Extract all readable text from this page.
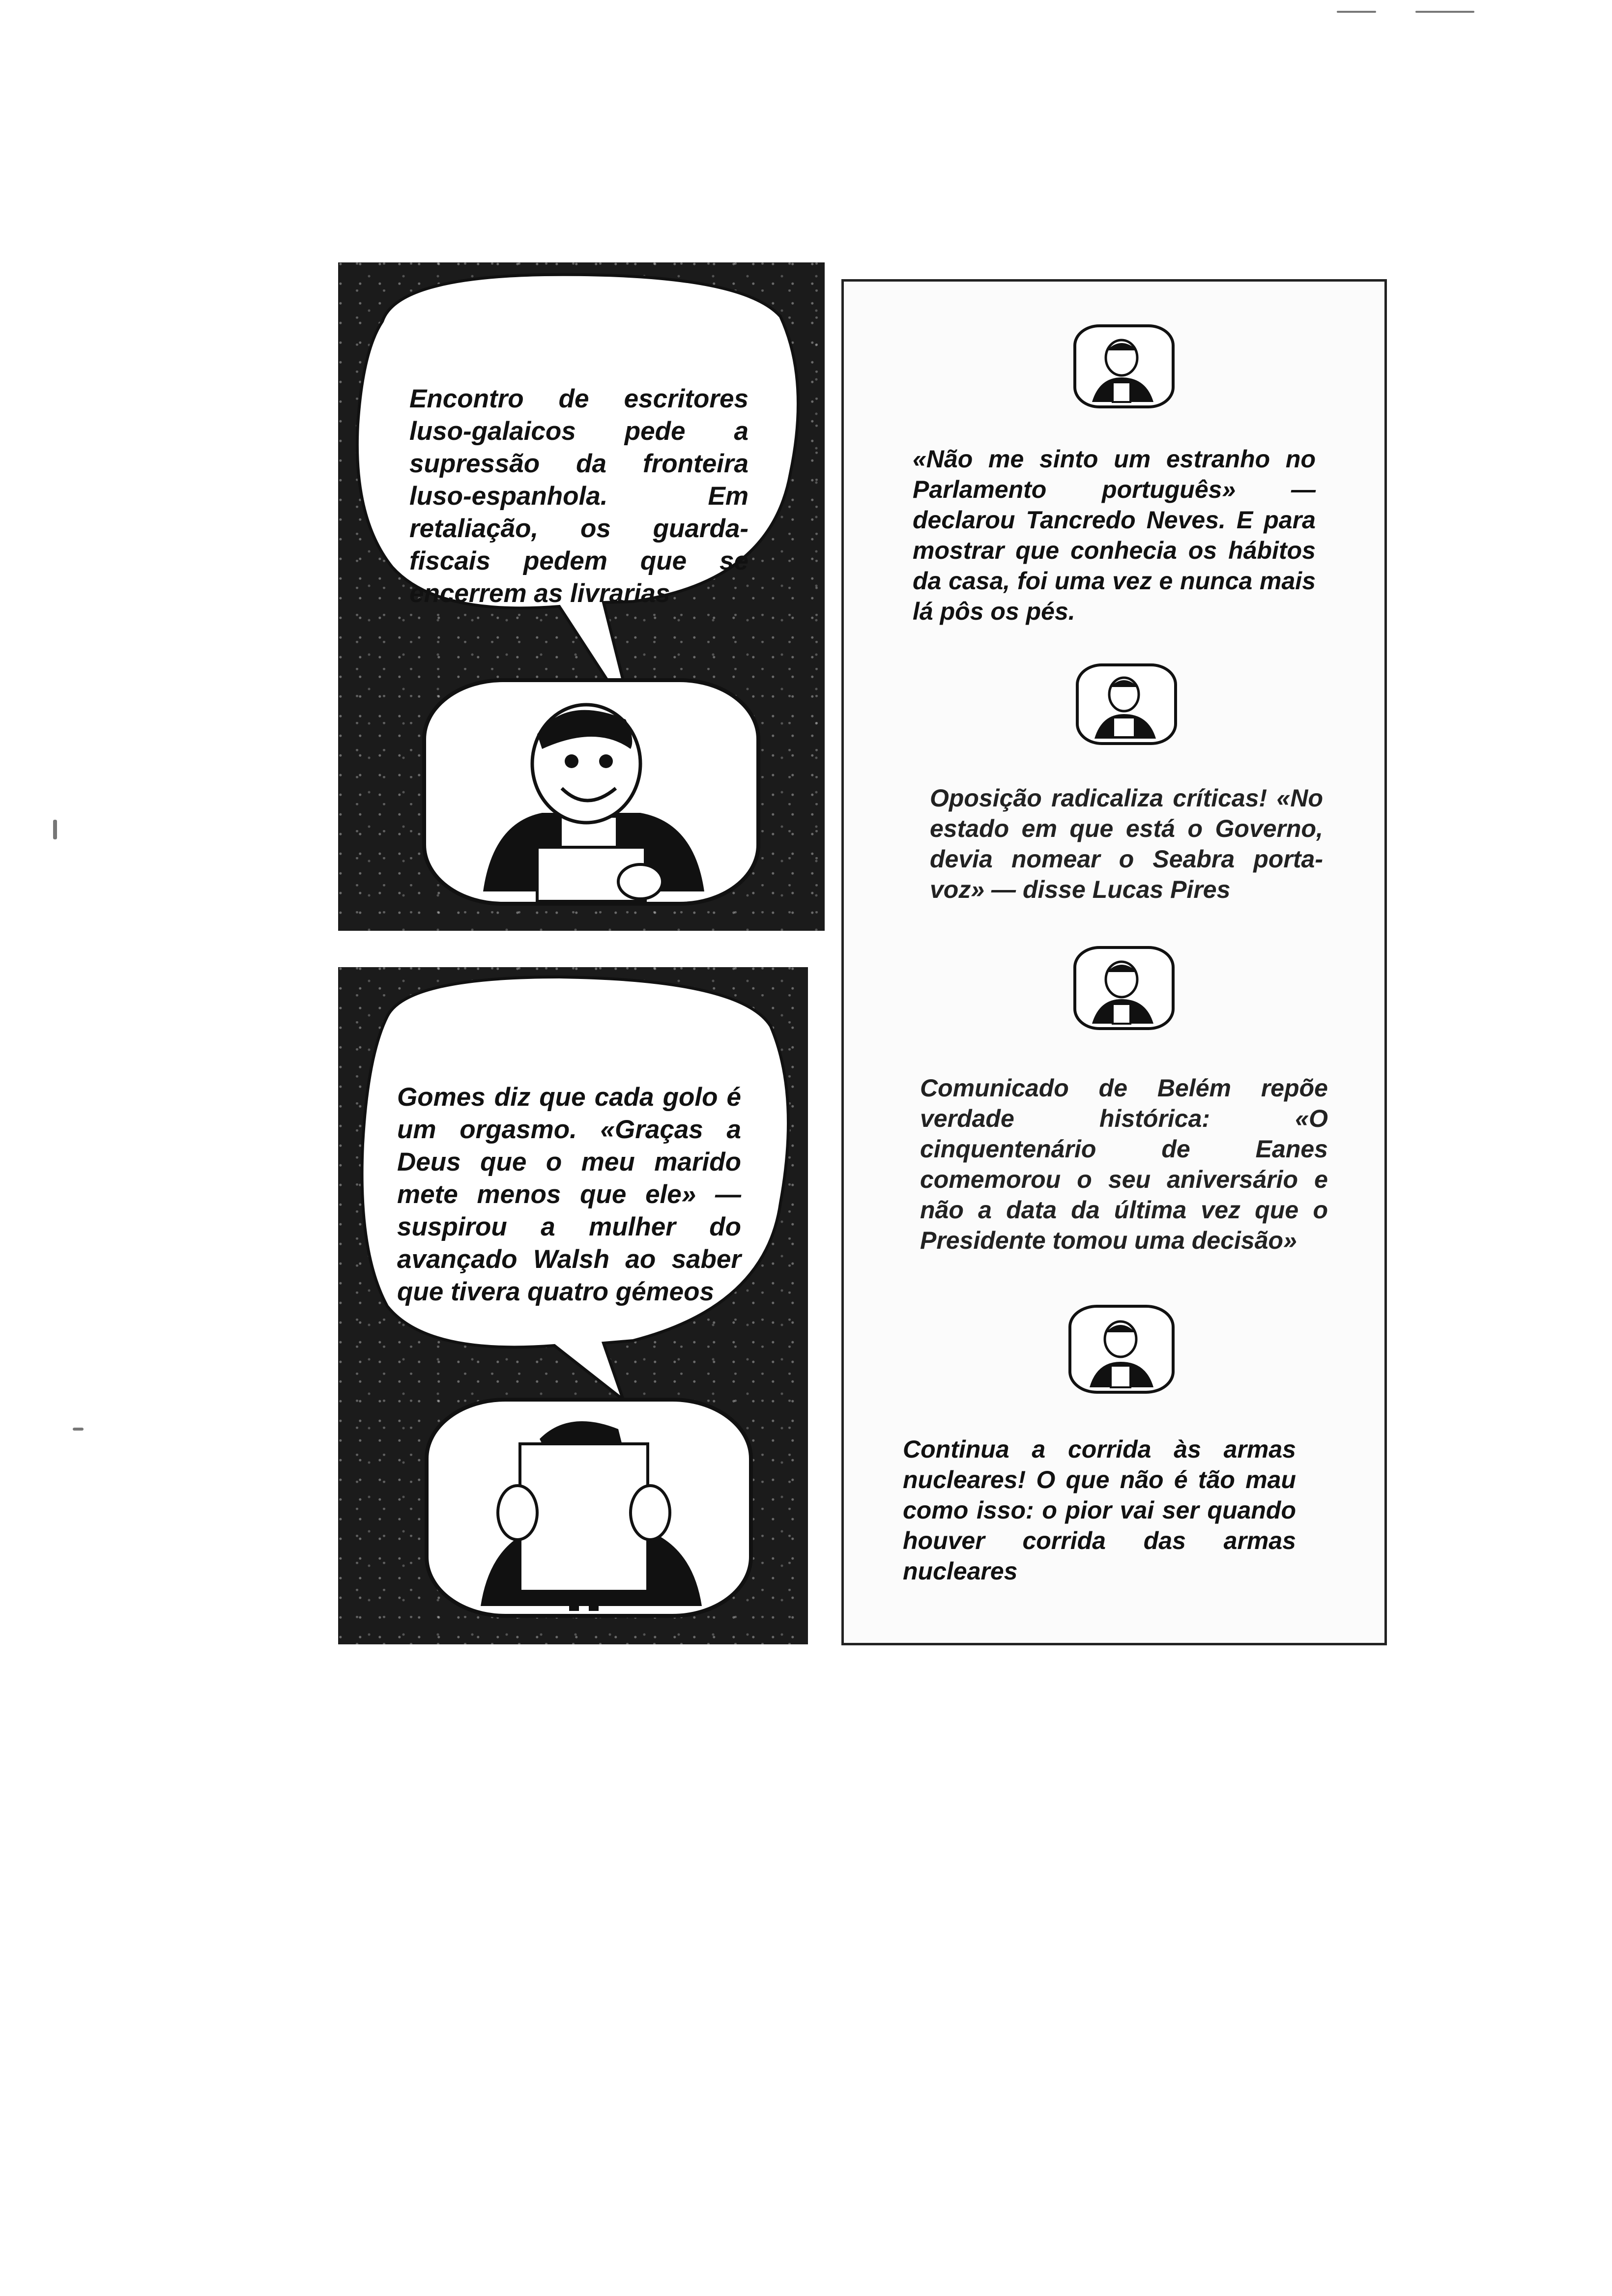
Encontro de escritores luso-galaicos pede a supressão da fronteira luso-espanhola. Em retaliação, os guarda-fiscais pedem que se encerrem as livrarias
Gomes diz que cada golo é um orgasmo. «Graças a Deus que o meu marido mete menos que ele» — suspirou a mulher do avançado Walsh ao saber que tivera quatro gémeos
«Não me sinto um estranho no Parlamento português» — declarou Tancredo Neves. E para mostrar que conhecia os hábitos da casa, foi uma vez e nunca mais lá pôs os pés.
Oposição radicaliza críticas! «No estado em que está o Governo, devia nomear o Seabra porta-voz» — disse Lucas Pires
Comunicado de Belém repõe verdade histórica: «O cinquentenário de Eanes comemorou o seu aniversário e não a data da última vez que o Presidente tomou uma decisão»
Continua a corrida às armas nucleares! O que não é tão mau como isso: o pior vai ser quando houver corrida das armas nucleares
